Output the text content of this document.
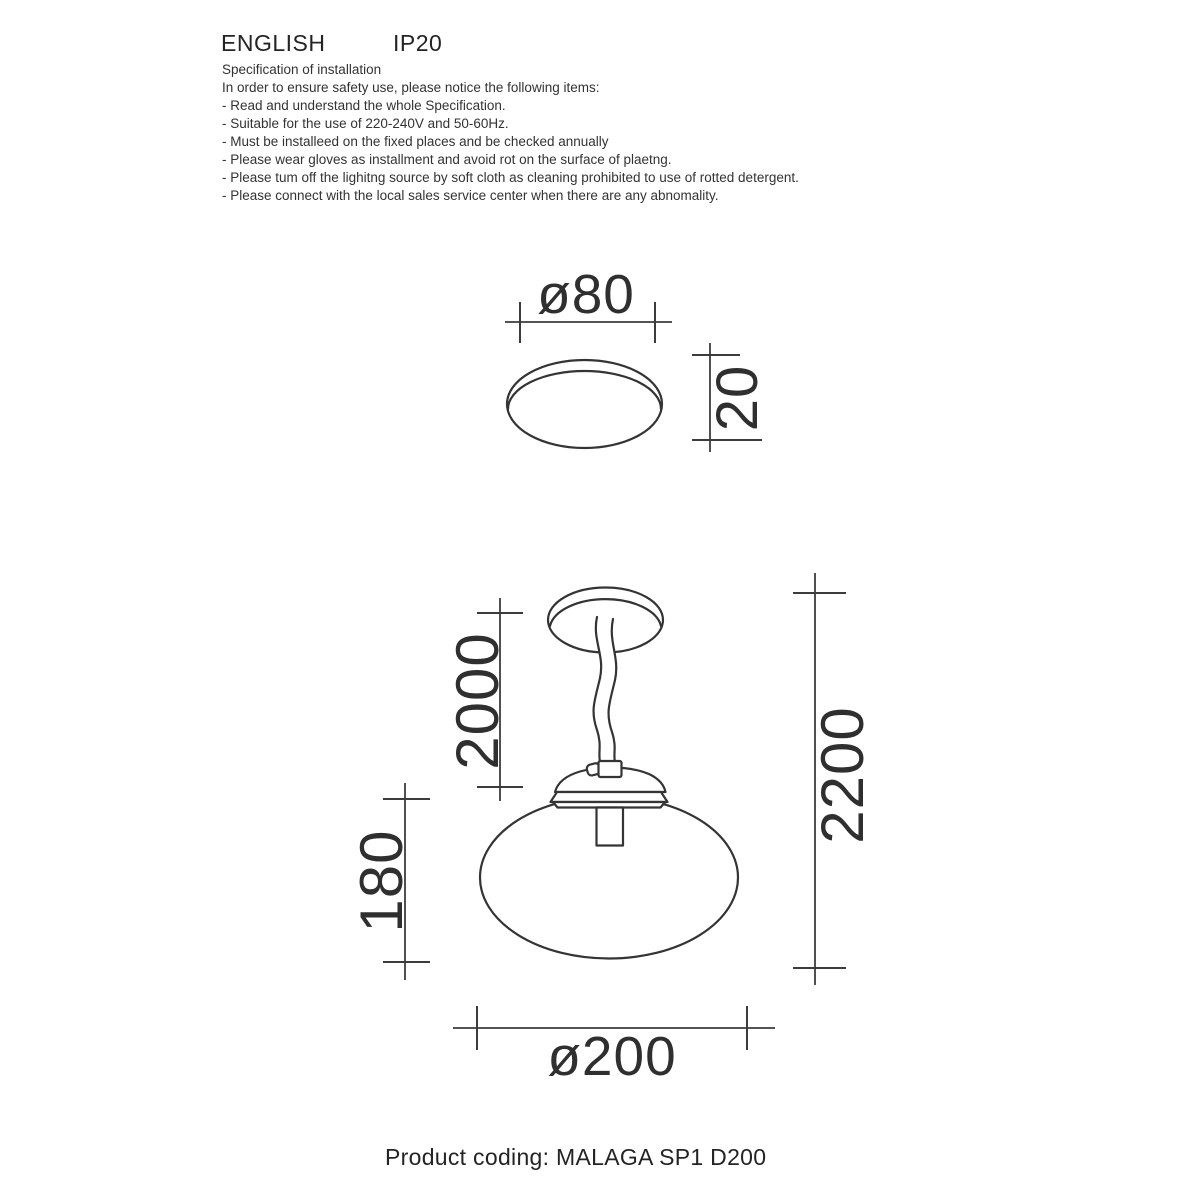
ENGLISH	IP20
Specification of installation
In order to ensure safety use, please notice the following items:
- Read and understand the whole Specification.
- Suitable for the use of 220-240V and 50-60Hz.
- Must be installeed on the fixed places and be checked annually
- Please wear gloves as installment and avoid rot on the surface of plaetng.
- Please tum off the lighitng source by soft cloth as cleaning prohibited to use of rotted detergent.
- Please connect with the local sales service center when there are any abnomality.
ø80
20
2000
180
2200
ø200
Product coding: MALAGA SP1 D200
